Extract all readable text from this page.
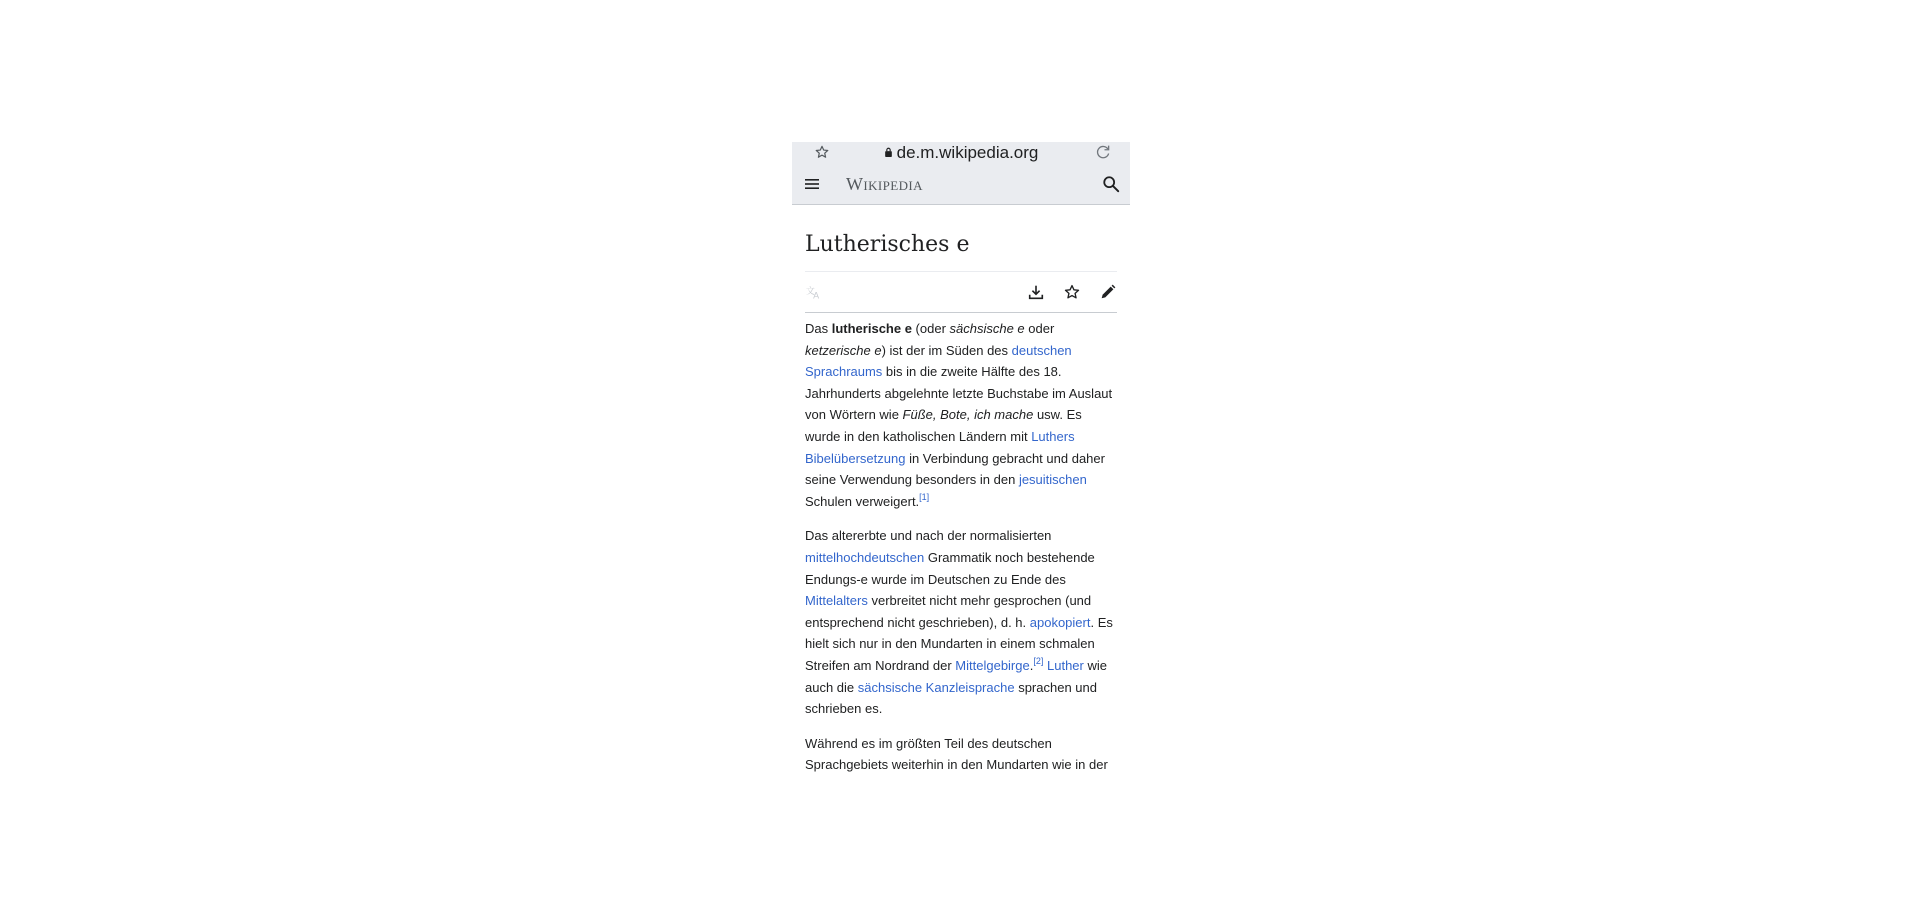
de.m.wikipedia.org
Wikipedia
Lutherisches e
文
A

Das lutherische e (oder sächsische e oder ketzerische e) ist der im Süden des deutschen Sprachraums bis in die zweite Hälfte des 18. Jahrhunderts abgelehnte letzte Buchstabe im Auslaut von Wörtern wie Füße, Bote, ich mache usw. Es wurde in den katholischen Ländern mit Luthers Bibelübersetzung in Verbindung gebracht und daher seine Verwendung besonders in den jesuitischen Schulen verweigert.[1]

Das altererbte und nach der normalisierten mittelhochdeutschen Grammatik noch bestehende Endungs-e wurde im Deutschen zu Ende des Mittelalters verbreitet nicht mehr gesprochen (und entsprechend nicht geschrieben), d. h. apokopiert. Es hielt sich nur in den Mundarten in einem schmalen Streifen am Nordrand der Mittelgebirge.[2] Luther wie auch die sächsische Kanzleisprache sprachen und schrieben es.

Während es im größten Teil des deutschen Sprachgebiets weiterhin in den Mundarten wie in der
